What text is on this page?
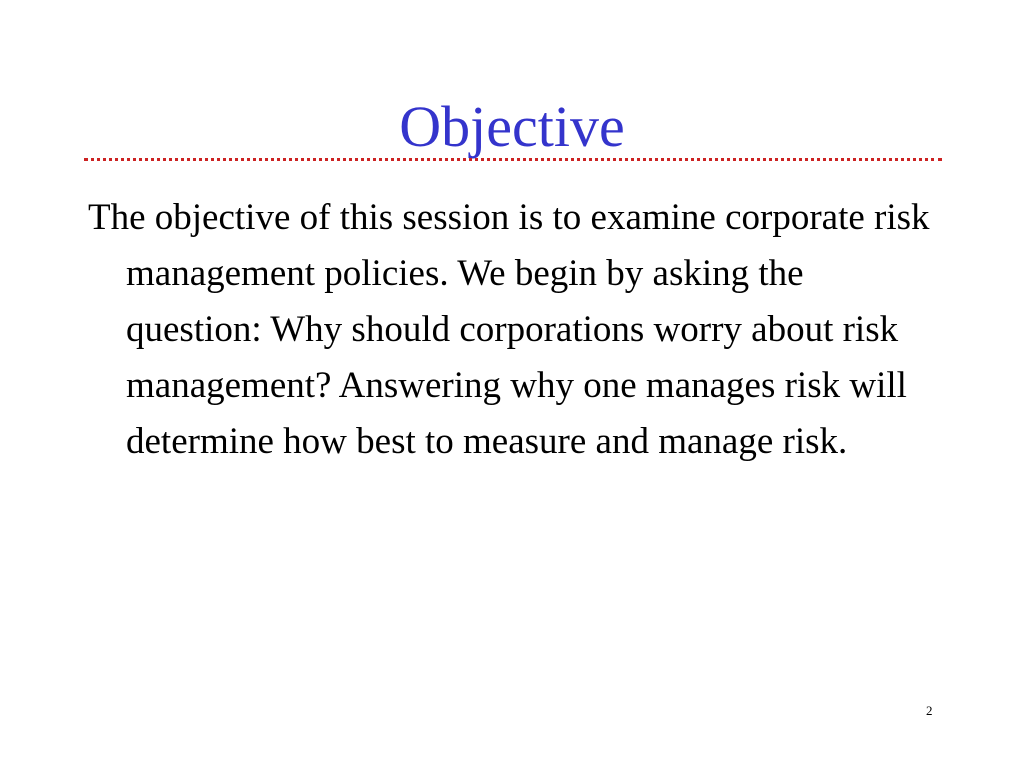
Objective

The objective of this session is to examine corporate risk management policies. We begin by asking the question: Why should corporations worry about risk management? Answering why one manages risk will determine how best to measure and manage risk.

2
